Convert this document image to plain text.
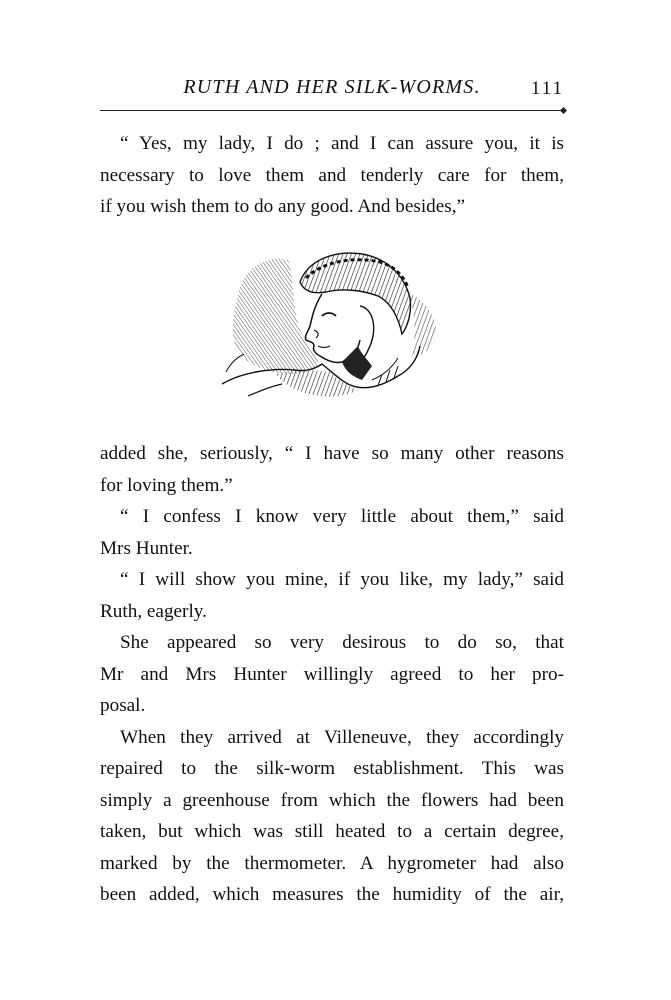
RUTH AND HER SILK-WORMS.	111
“ Yes, my lady, I do ; and I can assure you, it is
necessary to love them and tenderly care for them,
if you wish them to do any good. And besides,”
added she, seriously, “ I have so many other reasons
for loving them.”
“ I confess I know very little about them,” said
Mrs Hunter.
“ I will show you mine, if you like, my lady,” said
Ruth, eagerly.
She appeared so very desirous to do so, that
Mr and Mrs Hunter willingly agreed to her pro-
posal.
When they arrived at Villeneuve, they accordingly
repaired to the silk-worm establishment. This was
simply a greenhouse from which the flowers had been
taken, but which was still heated to a certain degree,
marked by the thermometer. A hygrometer had also
been added, which measures the humidity of the air,
